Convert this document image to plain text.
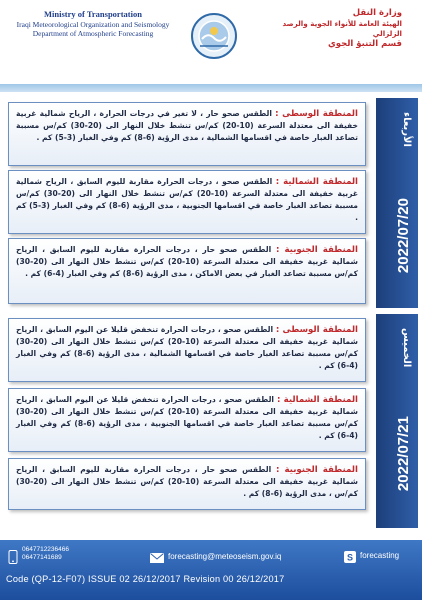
Ministry of Transportation
Iraqi Meteorological Organization and Seismology
Department of Atmospheric Forecasting
وزارة النقل
الهيئة العامة للأنواء الجوية والرصد الزلزالي
قسم التنبؤ الجوي
الأربعاء
2022/07/20
المنطقة الوسطى : الطقس صحو حار ، لا تغير في درجات الحرارة ، الرياح شمالية غربية خفيفة الى معتدلة السرعة (10-20) كم/س تنشط خلال النهار الى (20-30) كم/س مسببة تصاعد الغبار خاصة في اقسامها الشمالية ، مدى الرؤية (6-8) كم وفي الغبار (3-5) كم .
المنطقة الشمالية : الطقس صحو ، درجات الحرارة مقاربة لليوم السابق ، الرياح شمالية غربية خفيفة الى معتدلة السرعة (10-20) كم/س تنشط خلال النهار الى (20-30) كم/س مسببة تصاعد الغبار خاصة في اقسامها الجنوبية ، مدى الرؤية (6-8) كم وفي الغبار (3-5) كم .
المنطقة الجنوبية : الطقس صحو حار ، درجات الحرارة مقاربة لليوم السابق ، الرياح شمالية غربية خفيفة الى معتدلة السرعة (10-20) كم/س تنشط خلال النهار الى (20-30) كم/س مسببة تصاعد الغبار في بعض الاماكن ، مدى الرؤية (6-8) كم وفي الغبار (4-6) كم .
الخميس
2022/07/21
المنطقة الوسطى : الطقس صحو ، درجات الحرارة تنخفض قليلا عن اليوم السابق ، الرياح شمالية غربية خفيفة الى معتدلة السرعة (10-20) كم/س تنشط خلال النهار الى (20-30) كم/س مسببة تصاعد الغبار خاصة في اقسامها الشمالية ، مدى الرؤية (6-8) كم وفي الغبار (4-6) كم .
المنطقة الشمالية : الطقس صحو ، درجات الحرارة تنخفض قليلا عن اليوم السابق ، الرياح شمالية غربية خفيفة الى معتدلة السرعة (10-20) كم/س تنشط خلال النهار الى (20-30) كم/س مسببة تصاعد الغبار خاصة في اقسامها الجنوبية ، مدى الرؤية (6-8) كم وفي الغبار (4-6) كم .
المنطقة الجنوبية : الطقس صحو حار ، درجات الحرارة مقاربة لليوم السابق ، الرياح شمالية غربية خفيفة الى معتدلة السرعة (10-20) كم/س تنشط خلال النهار الى (20-30) كم/س ، مدى الرؤية (6-8) كم .
0647712236466
06477141689	forecasting@meteoseism.gov.iq	S forecasting
Code (QP-12-F07) ISSUE 02 26/12/2017 Revision 00 26/12/2017
